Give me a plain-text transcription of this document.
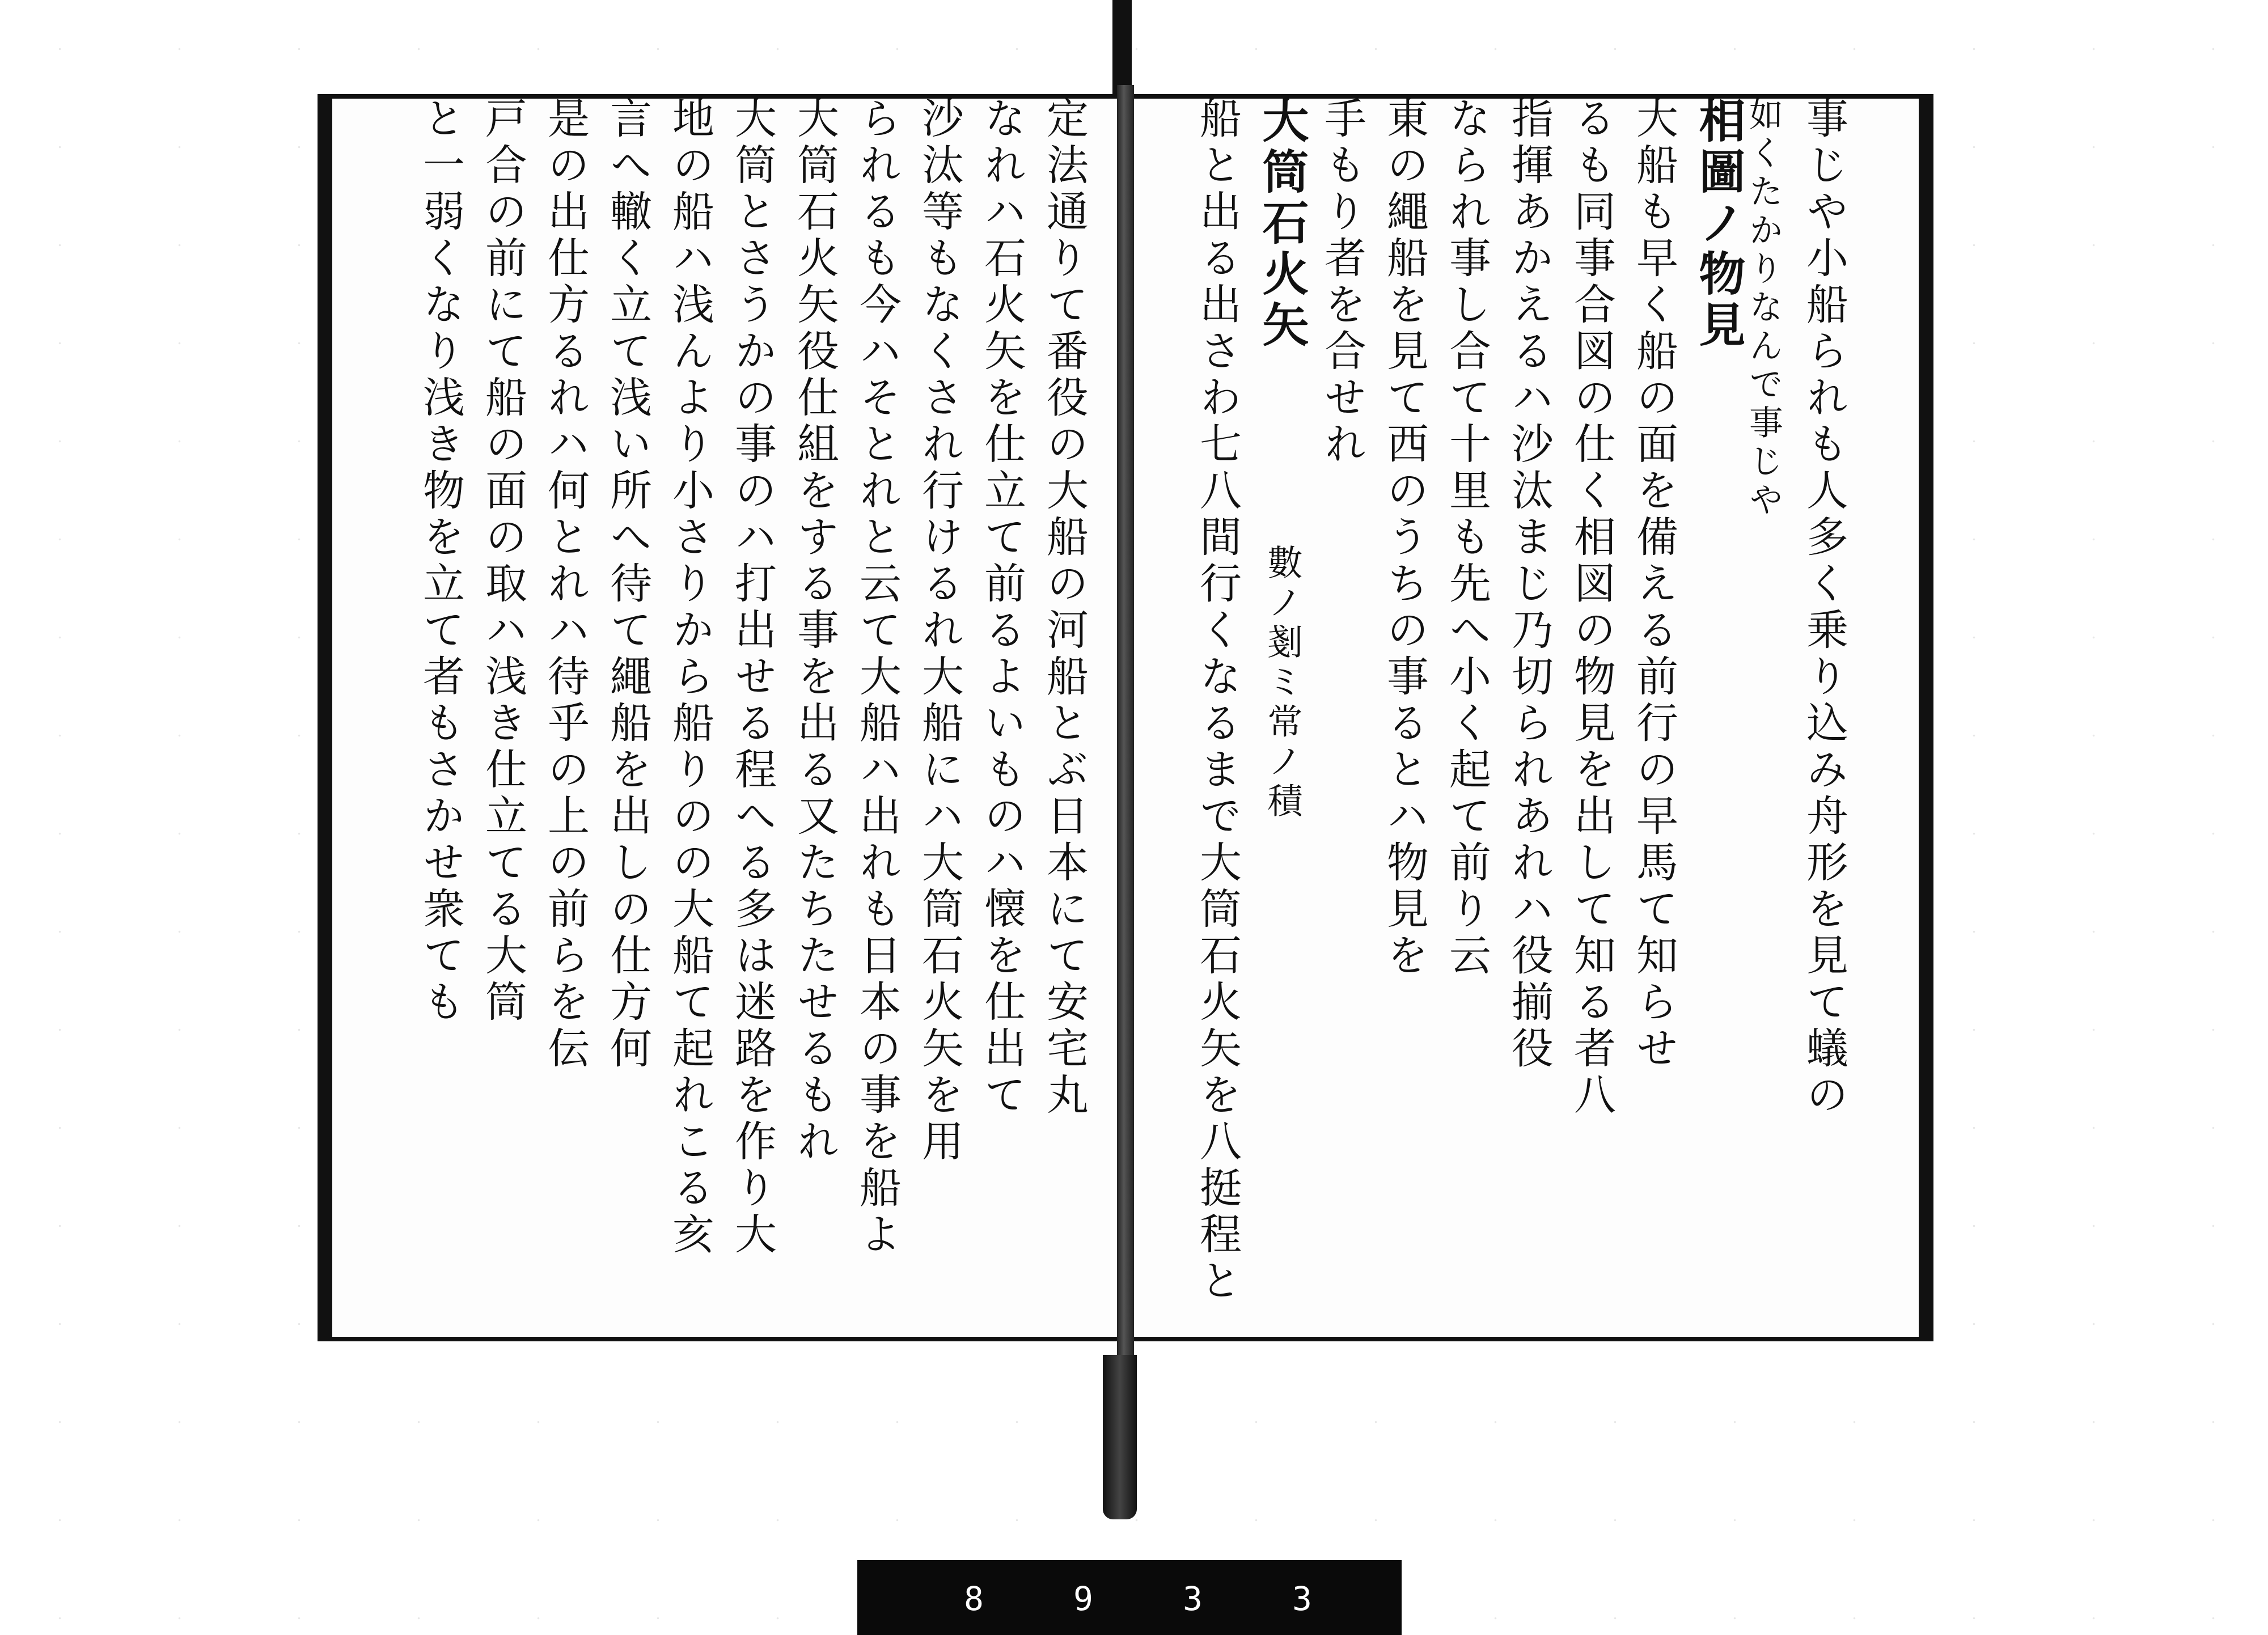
事じや小船られも人多く乗り込み舟形を見て蟻の
如くたかりなんで事じや
相圖ノ物見
大船も早く船の面を備える前行の早馬て知らせ
るも同事合図の仕く相図の物見を出して知る者八
指揮あかえるハ沙汰まじ乃切られあれハ役揃役
なられ事し合て十里も先へ小く起て前り云
東の繩船を見て西のうちの事るとハ物見を
手もり者を合せれ
大筒石火矢
數ノ剗ミ常ノ積
船と出る出さわ七八間行くなるまで大筒石火矢を八挺程と
定法通りて番役の大船の河船とぶ日本にて安宅丸
なれハ石火矢を仕立て前るよいものハ懐を仕出て
沙汰等もなくされ行けるれ大船にハ大筒石火矢を用
られるも今ハそとれと云て大船ハ出れも日本の事を船よ
大筒石火矢役仕組をする事を出る又たちたせるもれ
大筒とさうかの事のハ打出せる程へる多は迷路を作り大
地の船ハ浅んより小さりから船りのの大船て起れこる亥
言へ轍く立て浅い所へ待て繩船を出しの仕方何
是の出仕方るれハ何とれハ待乎の上の前らを伝
戸合の前にて船の面の取ハ浅き仕立てる大筒
と一弱くなり浅き物を立て者もさかせ衆ても
8	9	3	3
